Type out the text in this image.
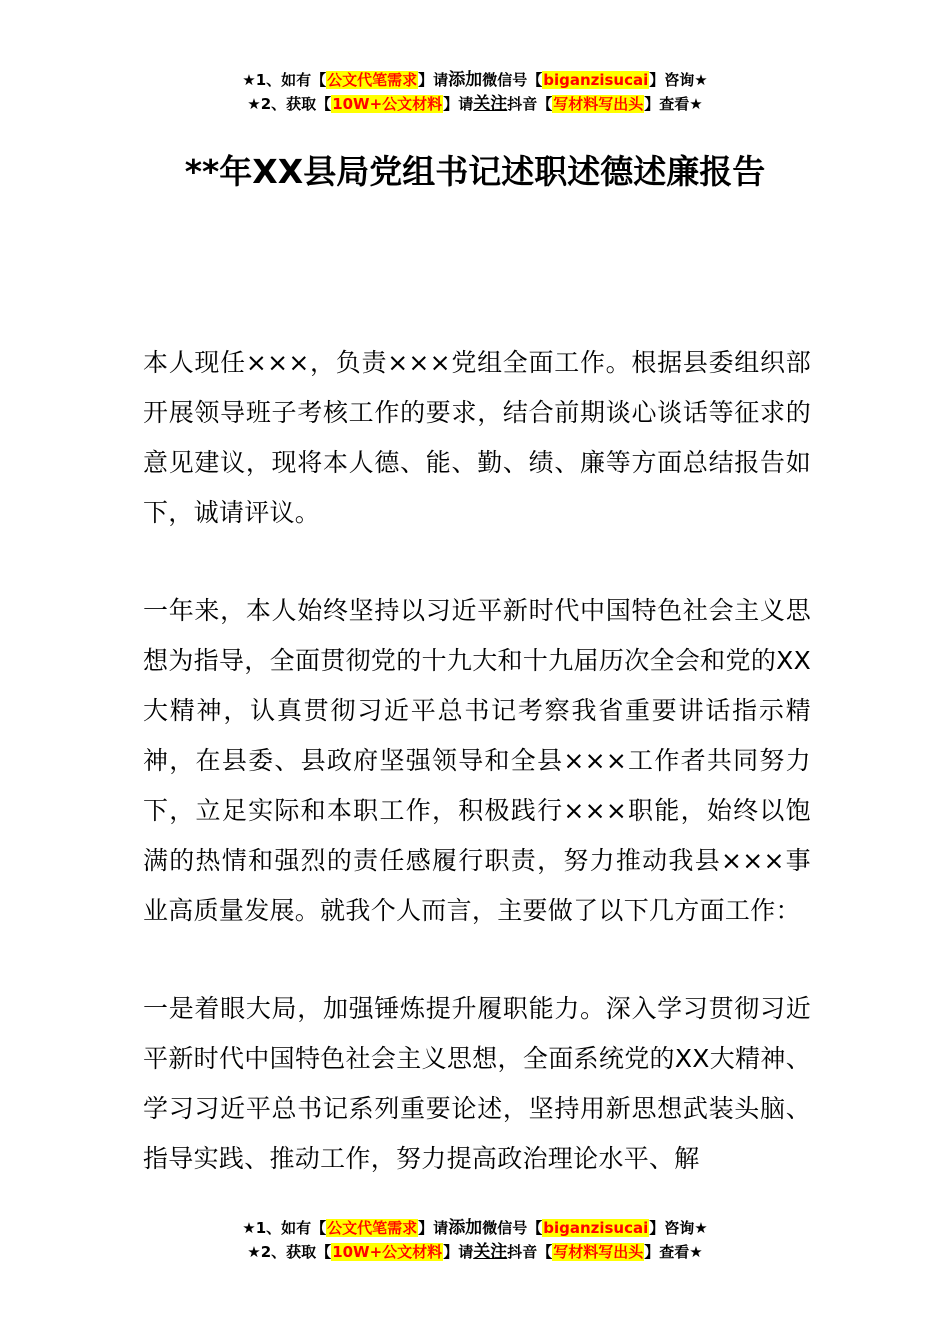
★1、如有【公文代笔需求】请添加微信号【biganzisucai】咨询★
★2、获取【10W+公文材料】请关注抖音【写材料写出头】查看★
**年XX县局党组书记述职述德述廉报告

本人现任×××，负责×××党组全面工作。根据县委组织部开展领导班子考核工作的要求，结合前期谈心谈话等征求的意见建议，现将本人德、能、勤、绩、廉等方面总结报告如下，诚请评议。

一年来，本人始终坚持以习近平新时代中国特色社会主义思想为指导，全面贯彻党的十九大和十九届历次全会和党的XX大精神，认真贯彻习近平总书记考察我省重要讲话指示精神，在县委、县政府坚强领导和全县×××工作者共同努力下，立足实际和本职工作，积极践行×××职能，始终以饱满的热情和强烈的责任感履行职责，努力推动我县×××事业高质量发展。就我个人而言，主要做了以下几方面工作：

一是着眼大局，加强锤炼提升履职能力。深入学习贯彻习近平新时代中国特色社会主义思想，全面系统党的XX大精神、学习习近平总书记系列重要论述，坚持用新思想武装头脑、指导实践、推动工作，努力提高政治理论水平、解

★1、如有【公文代笔需求】请添加微信号【biganzisucai】咨询★
★2、获取【10W+公文材料】请关注抖音【写材料写出头】查看★
